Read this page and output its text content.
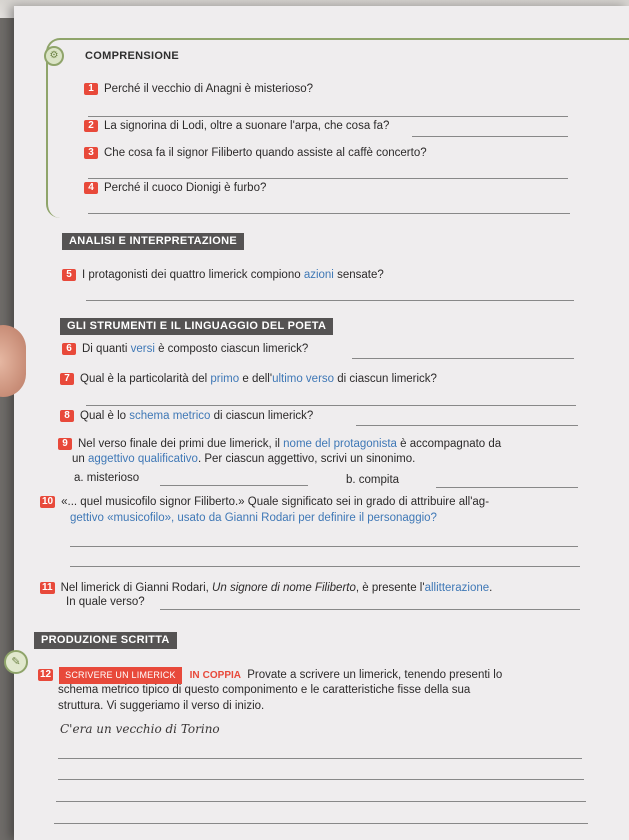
⚙	COMPRENSIONE
1 Perché il vecchio di Anagni è misterioso?
2 La signorina di Lodi, oltre a suonare l'arpa, che cosa fa?
3 Che cosa fa il signor Filiberto quando assiste al caffè concerto?
4 Perché il cuoco Dionigi è furbo?
ANALISI E INTERPRETAZIONE
5 I protagonisti dei quattro limerick compiono azioni sensate?
GLI STRUMENTI E IL LINGUAGGIO DEL POETA
6 Di quanti versi è composto ciascun limerick?
7 Qual è la particolarità del primo e dell'ultimo verso di ciascun limerick?
8 Qual è lo schema metrico di ciascun limerick?
9 Nel verso finale dei primi due limerick, il nome del protagonista è accompagnato da
un aggettivo qualificativo. Per ciascun aggettivo, scrivi un sinonimo.
a. misterioso	b. compita
10 «... quel musicofilo signor Filiberto.» Quale significato sei in grado di attribuire all'ag-
gettivo «musicofilo», usato da Gianni Rodari per definire il personaggio?
11 Nel limerick di Gianni Rodari, Un signore di nome Filiberto, è presente l'allitterazione.
In quale verso?
PRODUZIONE SCRITTA
✎
12 SCRIVERE UN LIMERICK IN COPPIA Provate a scrivere un limerick, tenendo presenti lo
schema metrico tipico di questo componimento e le caratteristiche fisse della sua
struttura. Vi suggeriamo il verso di inizio.
C'era un vecchio di Torino
